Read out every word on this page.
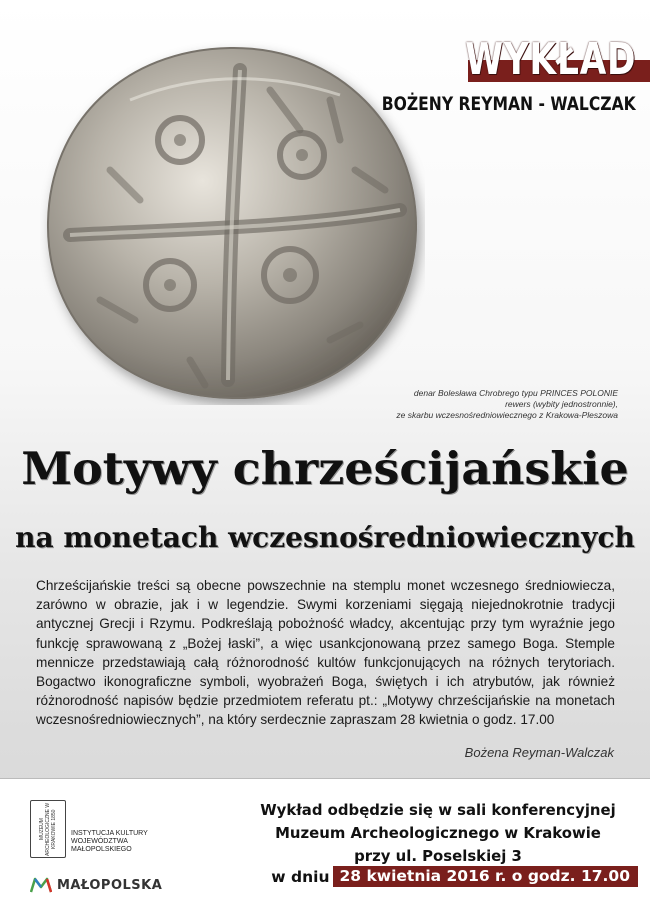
WYKŁAD
BOŻENY REYMAN - WALCZAK
denar Bolesława Chrobrego typu PRINCES POLONIE
rewers (wybity jednostronnie),
ze skarbu wczesnośredniowiecznego z Krakowa-Pleszowa
Motywy chrześcijańskie
na monetach wczesnośredniowiecznych
Chrześcijańskie treści są obecne powszechnie na stemplu monet wczesnego średniowiecza, zarówno w obrazie, jak i w legendzie. Swymi korzeniami sięgają niejednokrotnie tradycji antycznej Grecji i Rzymu. Podkreślają pobożność władcy, akcentując przy tym wyraźnie jego funkcję sprawowaną z „Bożej łaski”, a więc usankcjonowaną przez samego Boga. Stemple mennicze przedstawiają całą różnorodność kultów funkcjonujących na różnych terytoriach. Bogactwo ikonograficzne symboli, wyobrażeń Boga, świętych i ich atrybutów, jak również różnorodność napisów będzie przedmiotem referatu pt.: „Motywy chrześcijańskie na monetach wczesnośredniowiecznych”, na który serdecznie zapraszam 28 kwietnia o godz. 17.00
Bożena Reyman-Walczak
MUZEUM ARCHEOLOGICZNE W KRAKOWIE 1850 INSTYTUCJA KULTURY WOJEWÓDZTWA MAŁOPOLSKIEGO
MAŁOPOLSKA
Wykład odbędzie się w sali konferencyjnej
Muzeum Archeologicznego w Krakowie
przy ul. Poselskiej 3
w dniu 28 kwietnia 2016 r. o godz. 17.00
